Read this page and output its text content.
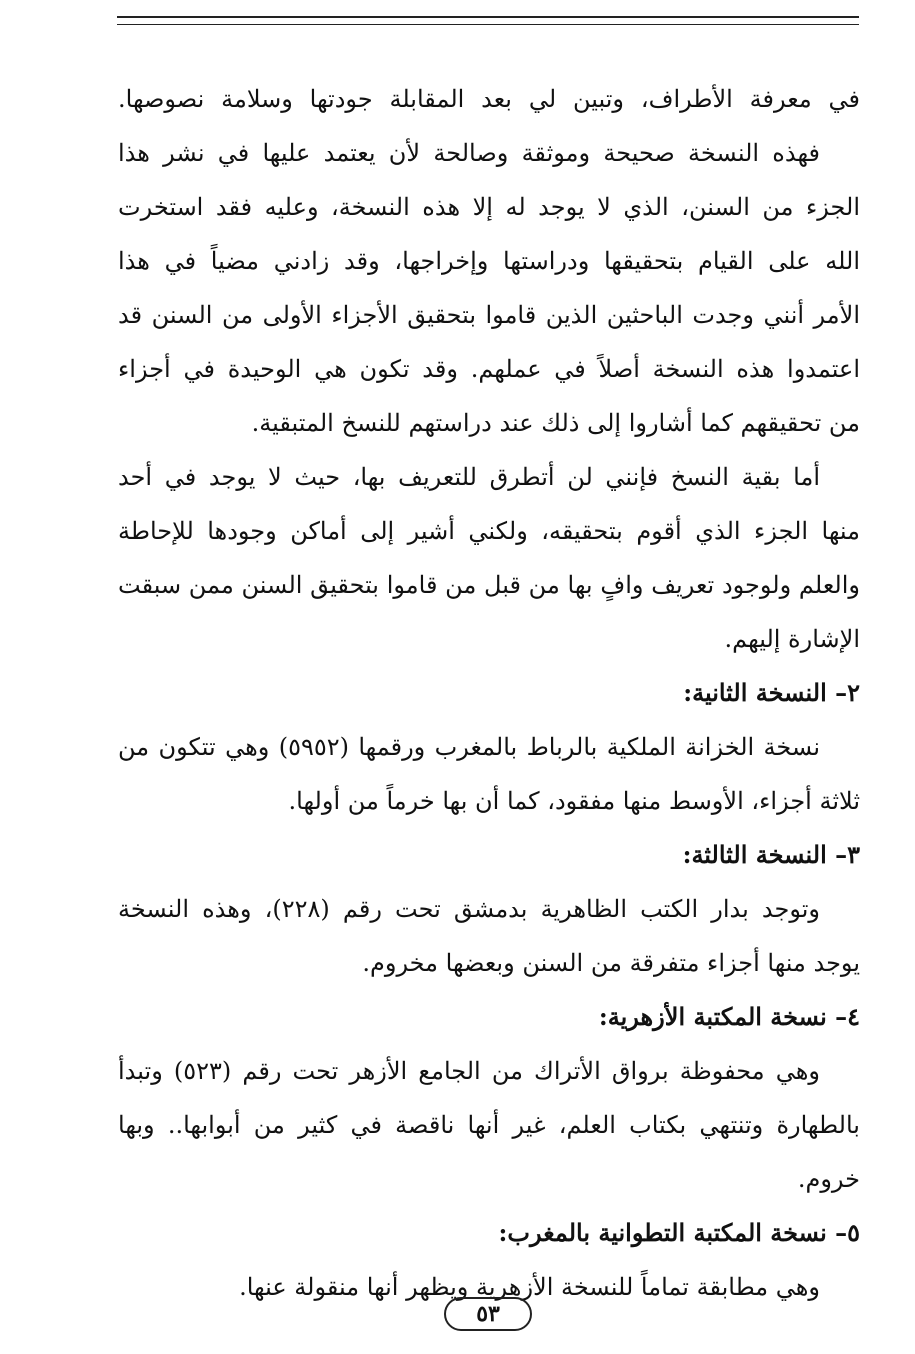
في معرفة الأطراف، وتبين لي بعد المقابلة جودتها وسلامة نصوصها.
فهذه النسخة صحيحة وموثقة وصالحة لأن يعتمد عليها في نشر هذا
الجزء من السنن، الذي لا يوجد له إلا هذه النسخة، وعليه فقد استخرت
الله على القيام بتحقيقها ودراستها وإخراجها، وقد زادني مضياً في هذا
الأمر أنني وجدت الباحثين الذين قاموا بتحقيق الأجزاء الأولى من السنن قد
اعتمدوا هذه النسخة أصلاً في عملهم. وقد تكون هي الوحيدة في أجزاء
من تحقيقهم كما أشاروا إلى ذلك عند دراستهم للنسخ المتبقية.
أما بقية النسخ فإنني لن أتطرق للتعريف بها، حيث لا يوجد في أحد
منها الجزء الذي أقوم بتحقيقه، ولكني أشير إلى أماكن وجودها للإحاطة
والعلم ولوجود تعريف وافٍ بها من قبل من قاموا بتحقيق السنن ممن سبقت
الإشارة إليهم.
٢– النسخة الثانية:
نسخة الخزانة الملكية بالرباط بالمغرب ورقمها (٥٩٥٢) وهي تتكون من
ثلاثة أجزاء، الأوسط منها مفقود، كما أن بها خرماً من أولها.
٣– النسخة الثالثة:
وتوجد بدار الكتب الظاهرية بدمشق تحت رقم (٢٢٨)، وهذه النسخة
يوجد منها أجزاء متفرقة من السنن وبعضها مخروم.
٤– نسخة المكتبة الأزهرية:
وهي محفوظة برواق الأتراك من الجامع الأزهر تحت رقم (٥٢٣) وتبدأ
بالطهارة وتنتهي بكتاب العلم، غير أنها ناقصة في كثير من أبوابها.. وبها
خروم.
٥– نسخة المكتبة التطوانية بالمغرب:
وهي مطابقة تماماً للنسخة الأزهرية ويظهر أنها منقولة عنها.
٥٣
